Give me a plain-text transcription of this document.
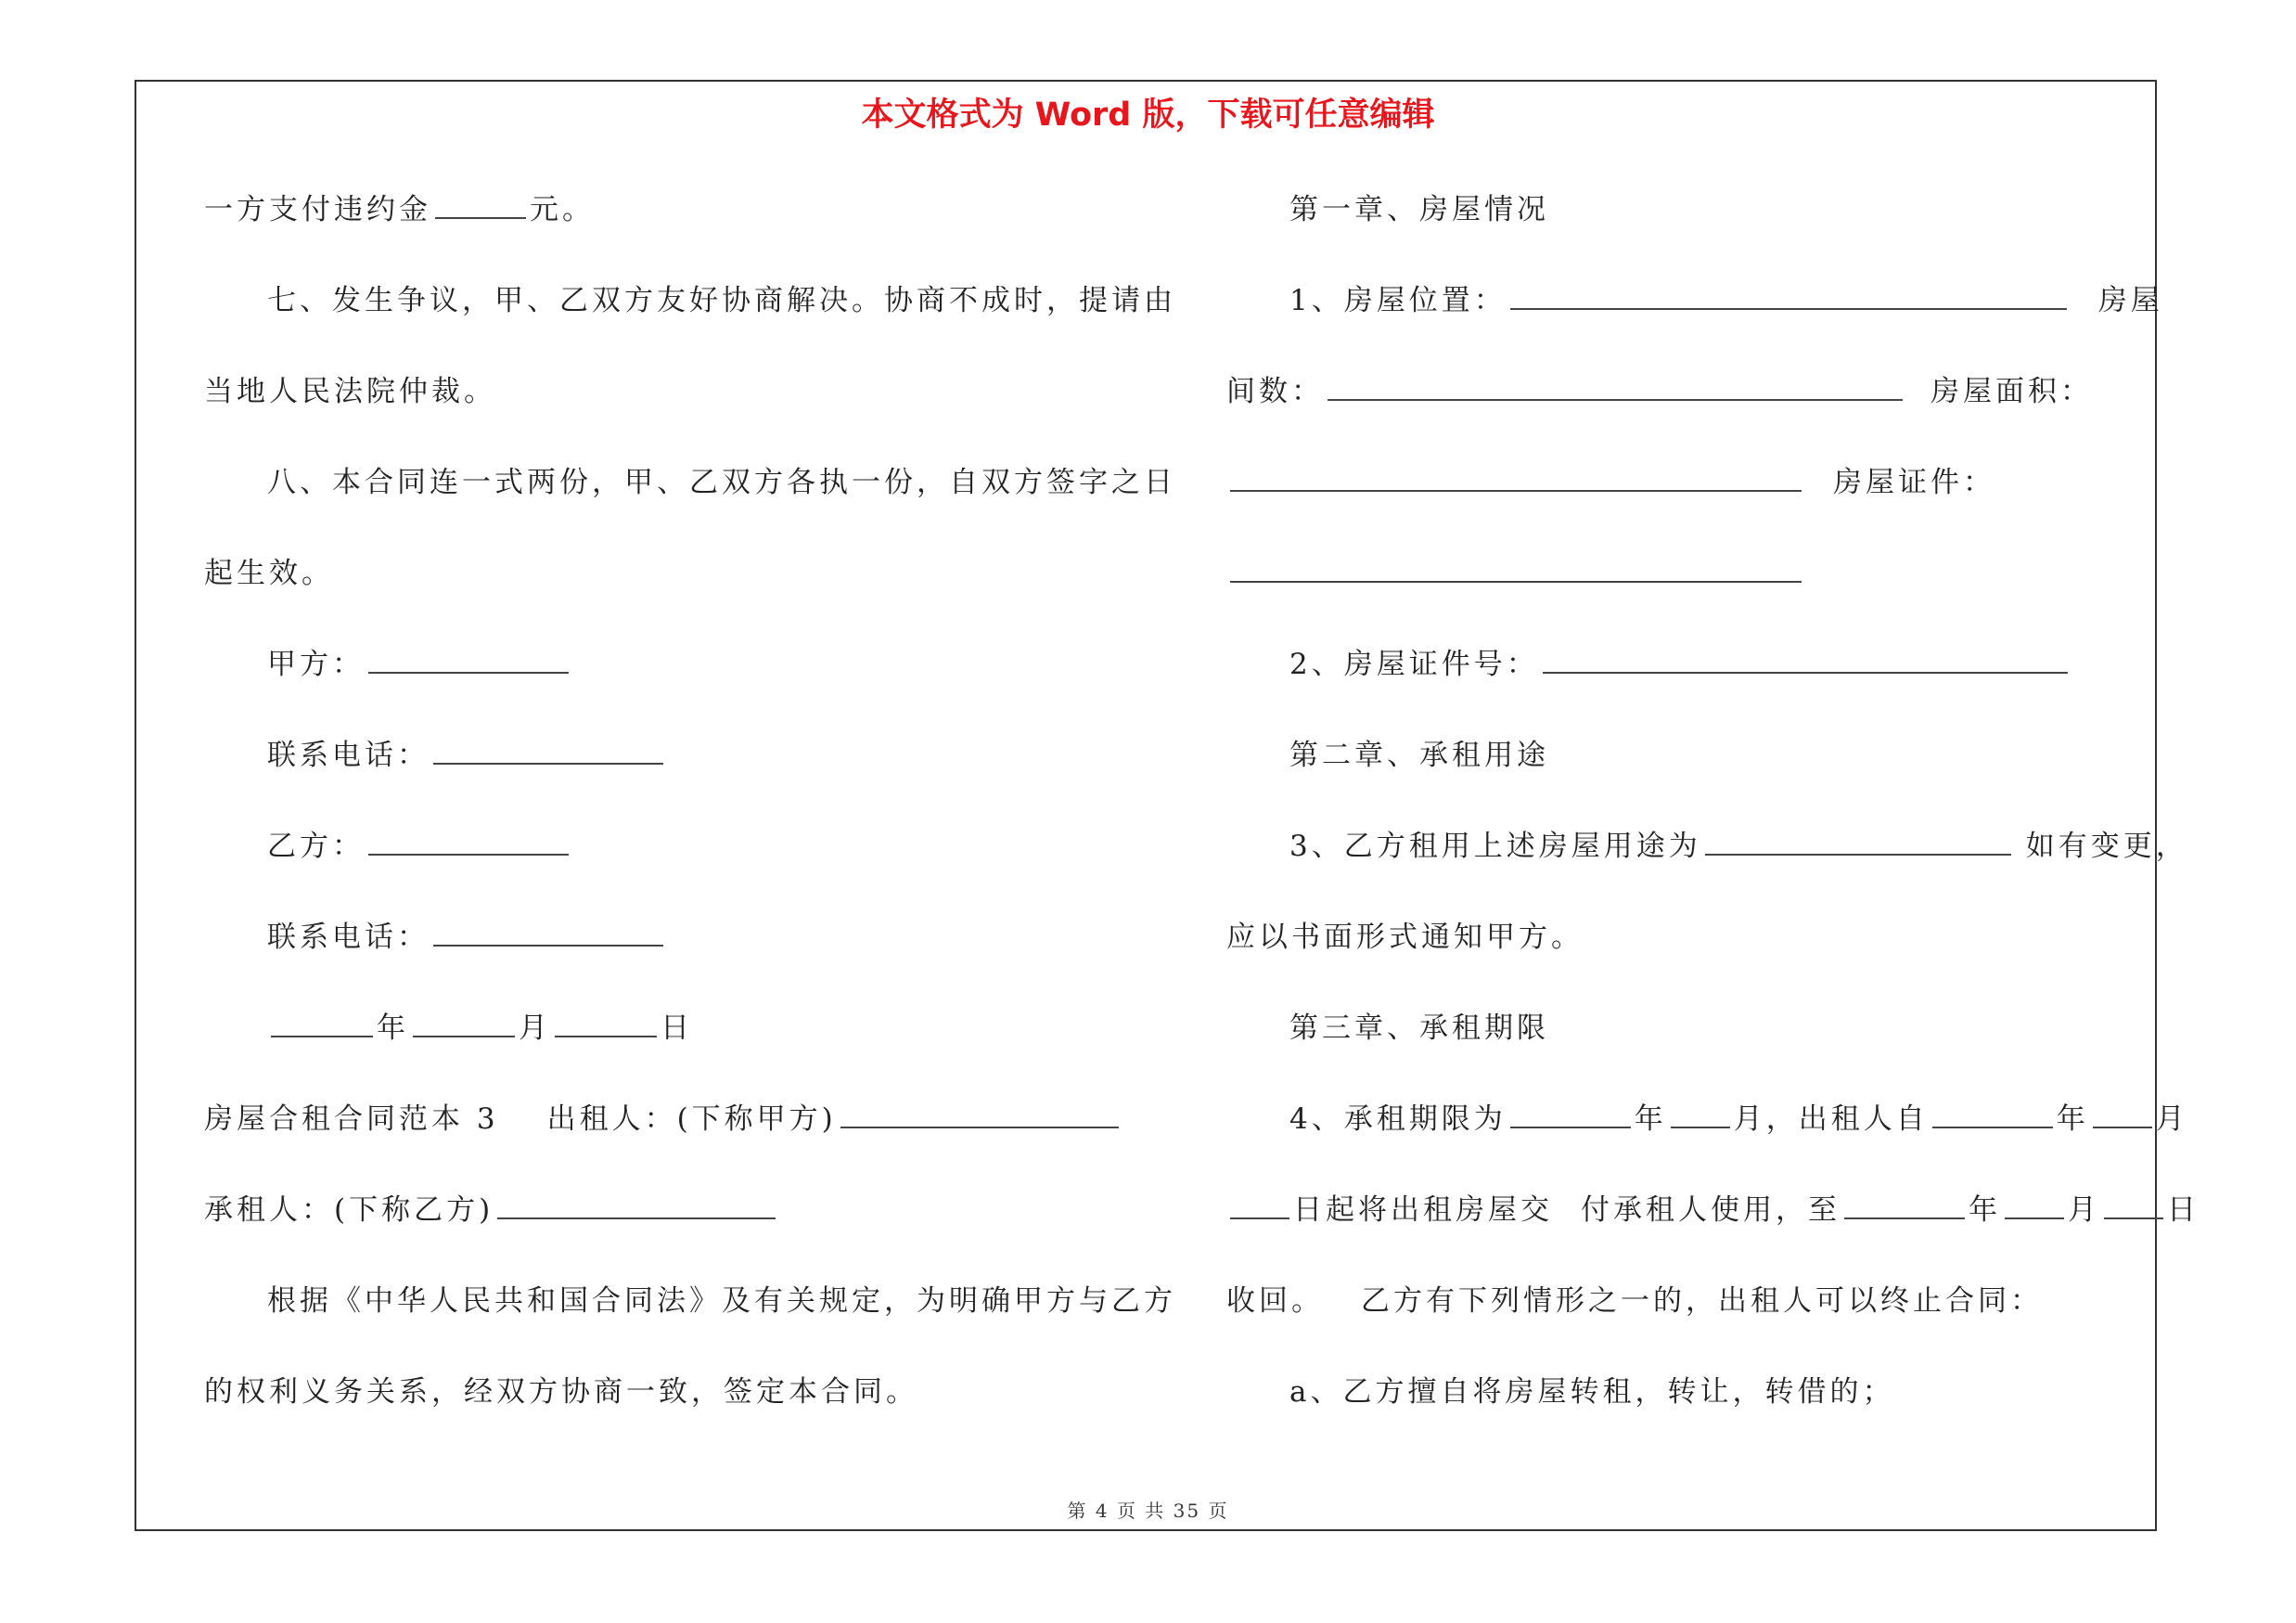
本文格式为 Word 版，下载可任意编辑
一方支付违约金	元。
七、发生争议，甲、乙双方友好协商解决。协商不成时，提请由
当地人民法院仲裁。
八、本合同连一式两份，甲、乙双方各执一份，自双方签字之日
起生效。
甲方：
联系电话：
乙方：
联系电话：
年	月	日
房屋合租合同范本 3 出租人：(下称甲方)
承租人：(下称乙方)
根据《中华人民共和国合同法》及有关规定，为明确甲方与乙方
的权利义务关系，经双方协商一致，签定本合同。
第一章、房屋情况
1、房屋位置：	房屋
间数：	房屋面积：
房屋证件：
2、房屋证件号：
第二章、承租用途
3、乙方租用上述房屋用途为	如有变更，
应以书面形式通知甲方。
第三章、承租期限
4、承租期限为	年 月，出租人自	年 月
日起将出租房屋交 付承租人使用，至	年 月 日
收回。 乙方有下列情形之一的，出租人可以终止合同：
a、乙方擅自将房屋转租，转让，转借的；
第 4 页 共 35 页
